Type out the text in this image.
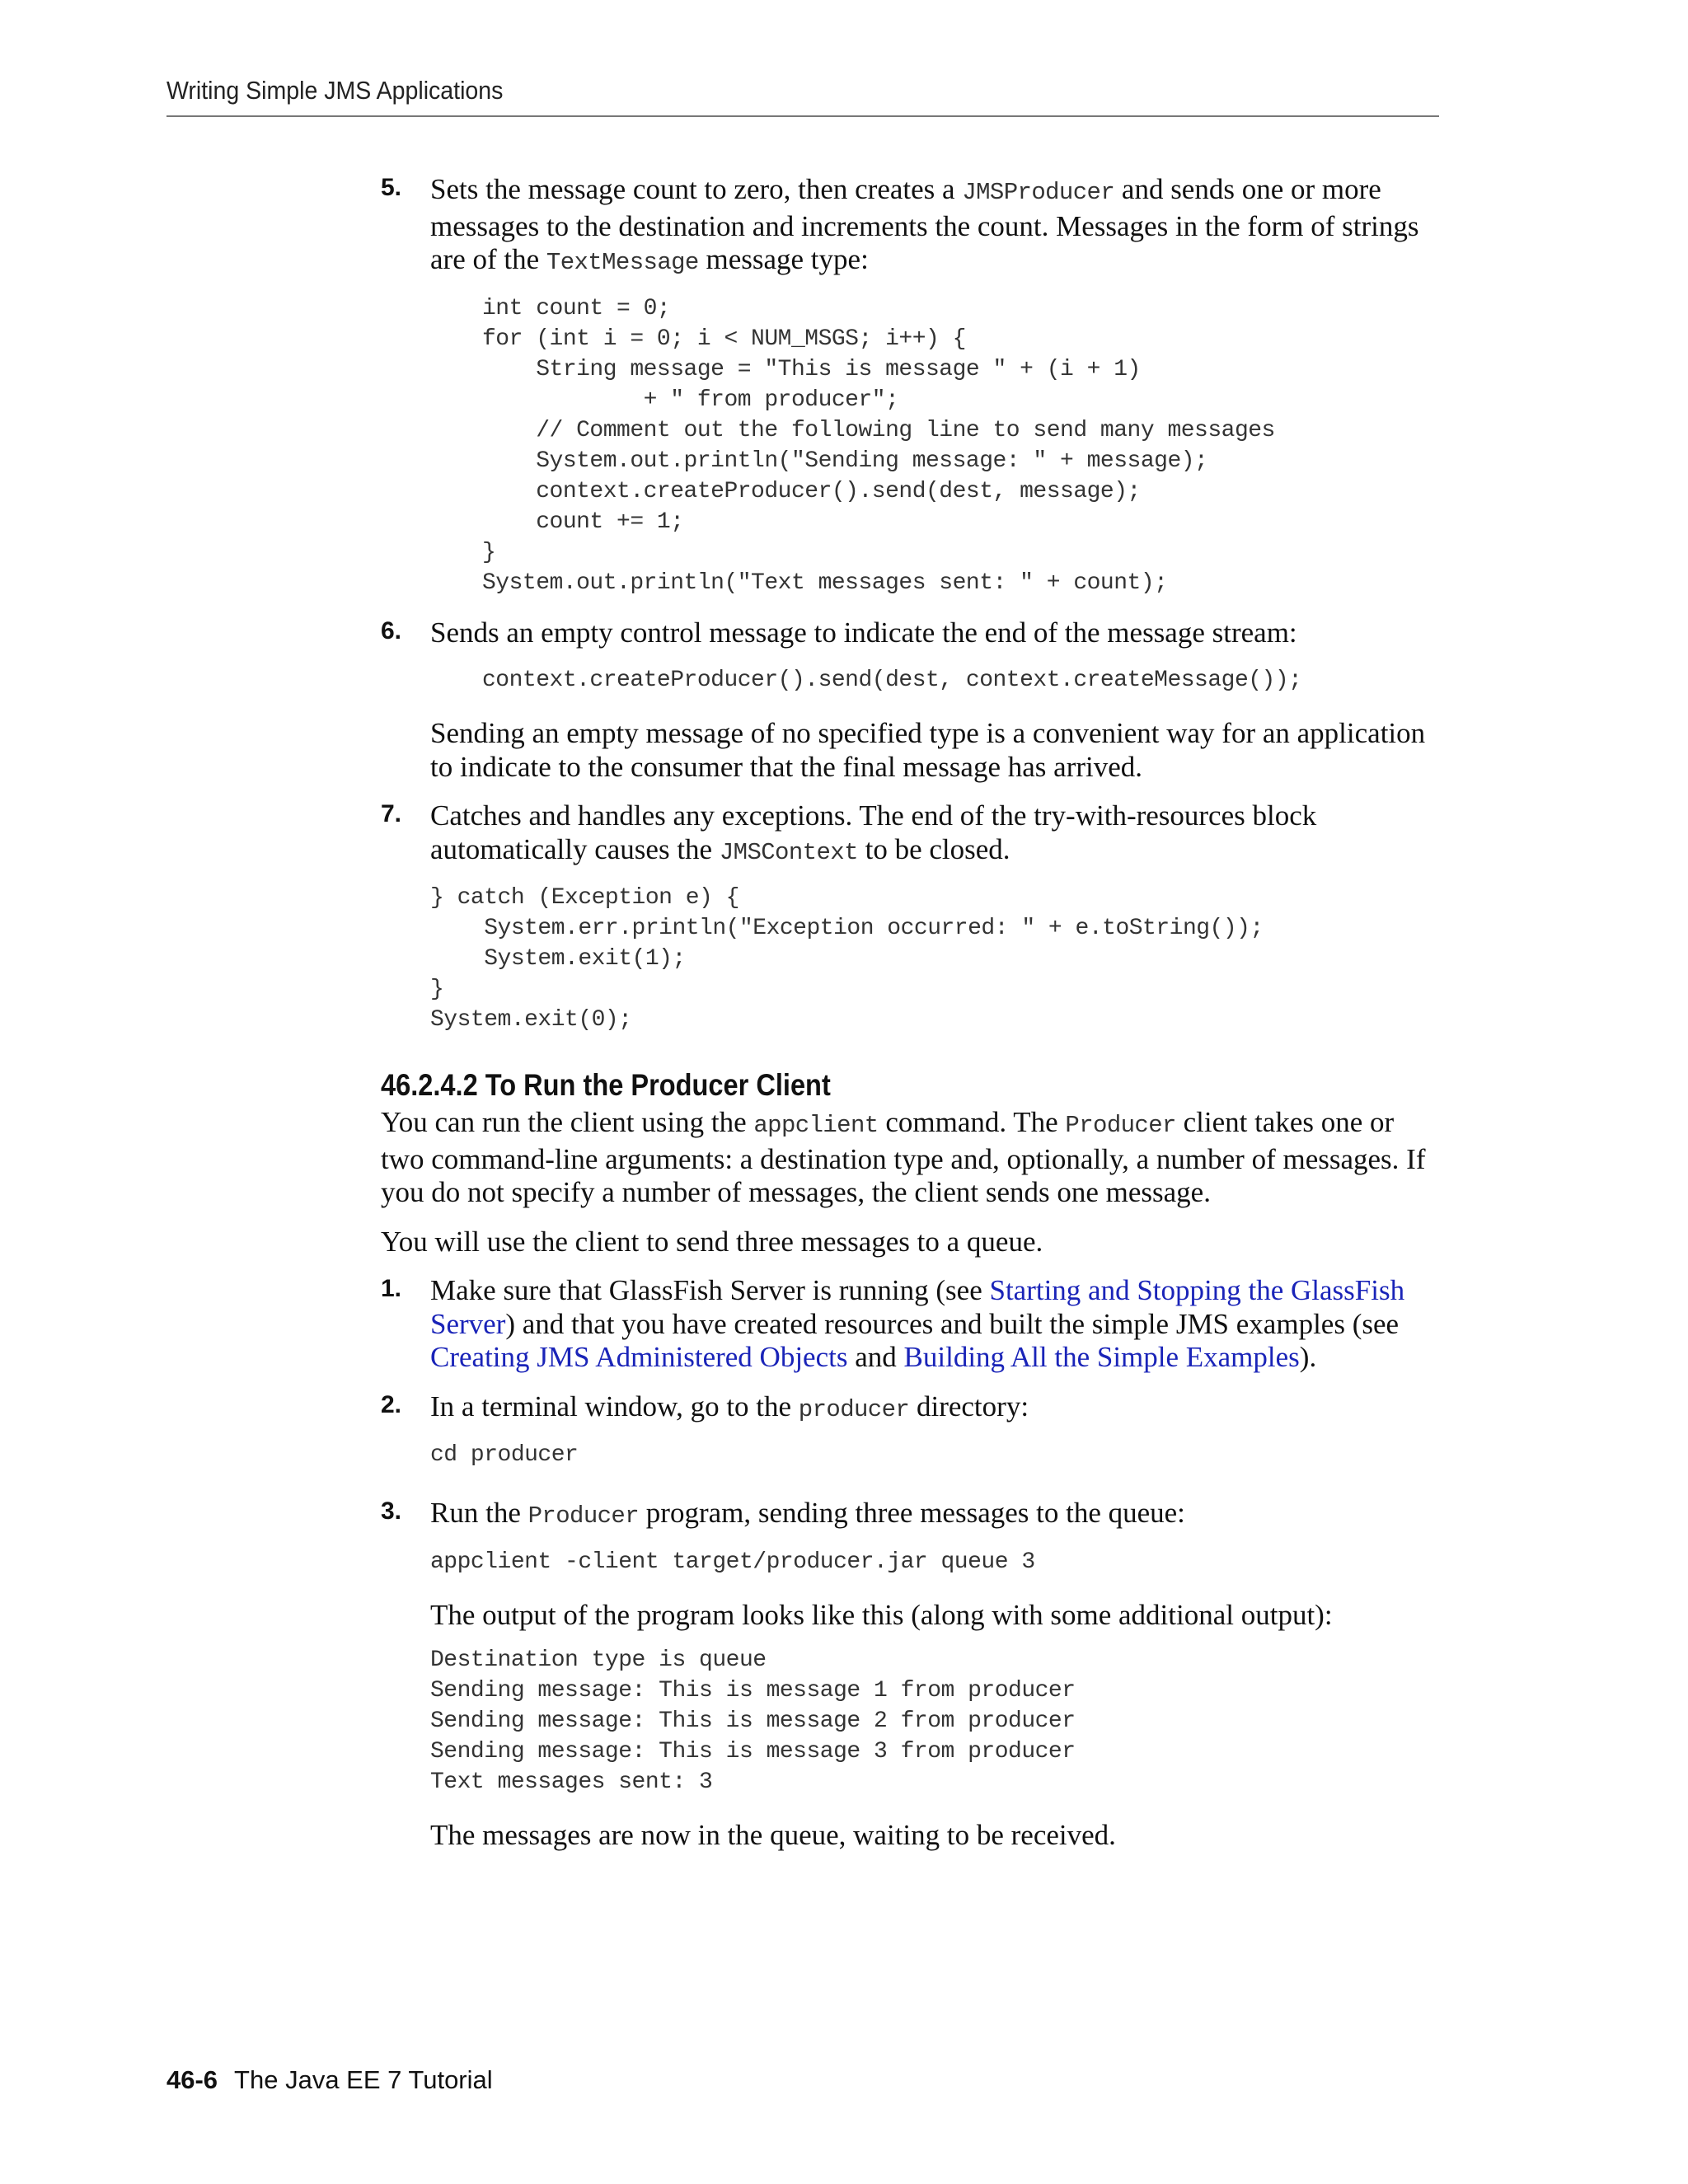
Writing Simple JMS Applications
5. Sets the message count to zero, then creates a JMSProducer and sends one or more messages to the destination and increments the count. Messages in the form of strings are of the TextMessage message type:

int count = 0;
for (int i = 0; i < NUM_MSGS; i++) {
String message = "This is message " + (i + 1)
+ " from producer";
// Comment out the following line to send many messages
System.out.println("Sending message: " + message);
context.createProducer().send(dest, message);
count += 1;
}
System.out.println("Text messages sent: " + count);
6. Sends an empty control message to indicate the end of the message stream:

context.createProducer().send(dest, context.createMessage());

Sending an empty message of no specified type is a convenient way for an application to indicate to the consumer that the final message has arrived.

7. Catches and handles any exceptions. The end of the try-with-resources block automatically causes the JMSContext to be closed.

} catch (Exception e) {
System.err.println("Exception occurred: " + e.toString());
System.exit(1);
}
System.exit(0);
46.2.4.2 To Run the Producer Client

You can run the client using the appclient command. The Producer client takes one or two command-line arguments: a destination type and, optionally, a number of messages. If you do not specify a number of messages, the client sends one message.

You will use the client to send three messages to a queue.

1. Make sure that GlassFish Server is running (see Starting and Stopping the GlassFish Server) and that you have created resources and built the simple JMS examples (see Creating JMS Administered Objects and Building All the Simple Examples).

2. In a terminal window, go to the producer directory:

cd producer
3. Run the Producer program, sending three messages to the queue:

appclient -client target/producer.jar queue 3

The output of the program looks like this (along with some additional output):

Destination type is queue
Sending message: This is message 1 from producer
Sending message: This is message 2 from producer
Sending message: This is message 3 from producer
Text messages sent: 3

The messages are now in the queue, waiting to be received.

46-6 The Java EE 7 Tutorial
